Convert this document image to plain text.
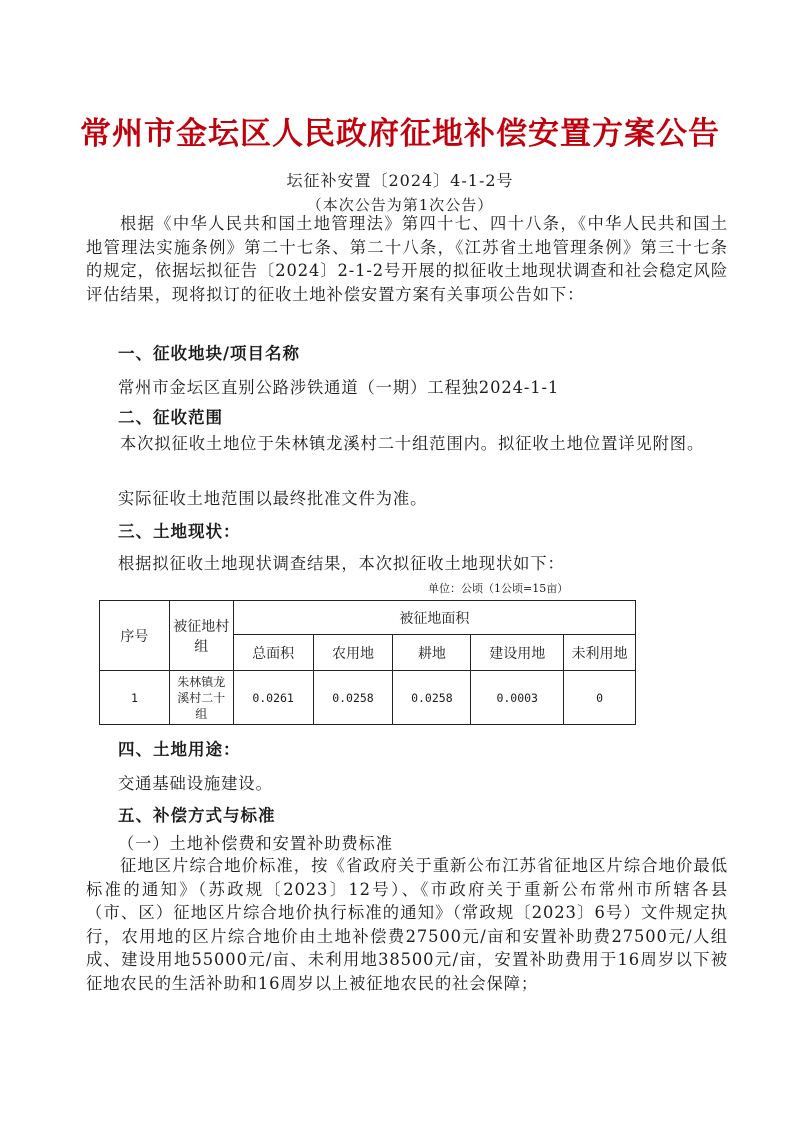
常州市金坛区人民政府征地补偿安置方案公告
坛征补安置〔2024〕4-1-2号
（本次公告为第1次公告）

根据《中华人民共和国土地管理法》第四十七、四十八条，《中华人民共和国土地管理法实施条例》第二十七条、第二十八条，《江苏省土地管理条例》第三十七条的规定，依据坛拟征告〔2024〕2-1-2号开展的拟征收土地现状调查和社会稳定风险评估结果，现将拟订的征收土地补偿安置方案有关事项公告如下：

一、征收地块/项目名称

常州市金坛区直别公路涉铁通道（一期）工程独2024-1-1

二、征收范围

本次拟征收土地位于朱林镇龙溪村二十组范围内。拟征收土地位置详见附图。

实际征收土地范围以最终批准文件为准。

三、土地现状：

根据拟征收土地现状调查结果，本次拟征收土地现状如下：

单位：公顷（1公顷=15亩）
序号	被征地村组	被征地面积				
		总面积	农用地	耕地	建设用地	未利用地
1	朱林镇龙溪村二十组	0.0261	0.0258	0.0258	0.0003	0

四、土地用途：

交通基础设施建设。

五、补偿方式与标准

（一）土地补偿费和安置补助费标准

征地区片综合地价标准，按《省政府关于重新公布江苏省征地区片综合地价最低标准的通知》（苏政规〔2023〕12号）、《市政府关于重新公布常州市所辖各县（市、区）征地区片综合地价执行标准的通知》（常政规〔2023〕6号）文件规定执行，农用地的区片综合地价由土地补偿费27500元/亩和安置补助费27500元/人组成、建设用地55000元/亩、未利用地38500元/亩，安置补助费用于16周岁以下被征地农民的生活补助和16周岁以上被征地农民的社会保障；
